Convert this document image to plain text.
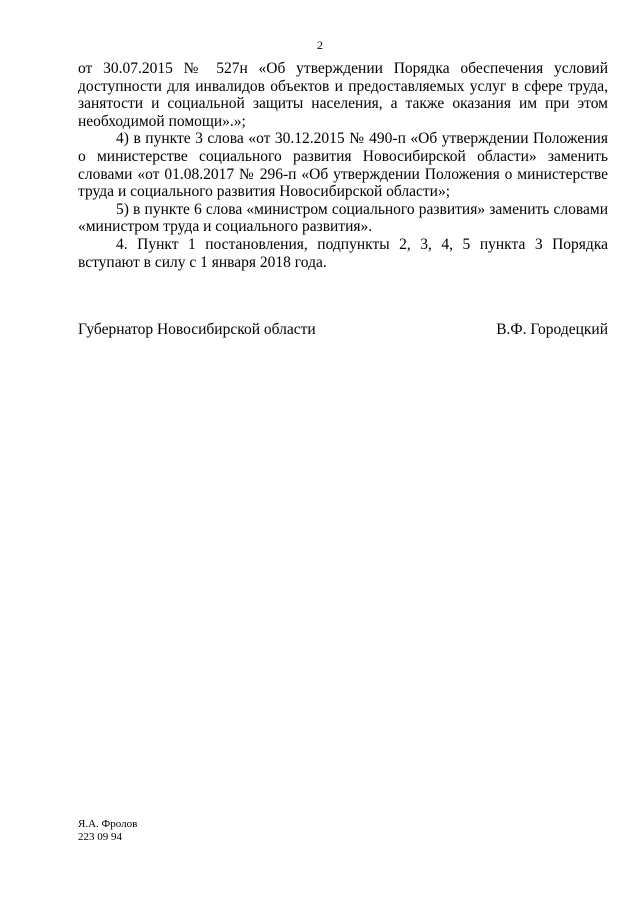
2

от 30.07.2015 № 527н «Об утверждении Порядка обеспечения условий доступности для инвалидов объектов и предоставляемых услуг в сфере труда, занятости и социальной защиты населения, а также оказания им при этом необходимой помощи».»;

4) в пункте 3 слова «от 30.12.2015 № 490-п «Об утверждении Положения о министерстве социального развития Новосибирской области» заменить словами «от 01.08.2017 № 296-п «Об утверждении Положения о министерстве труда и социального развития Новосибирской области»;

5) в пункте 6 слова «министром социального развития» заменить словами «министром труда и социального развития».

4. Пункт 1 постановления, подпункты 2, 3, 4, 5 пункта 3 Порядка вступают в силу с 1 января 2018 года.

Губернатор Новосибирской области	В.Ф. Городецкий
Я.А. Фролов
223 09 94
